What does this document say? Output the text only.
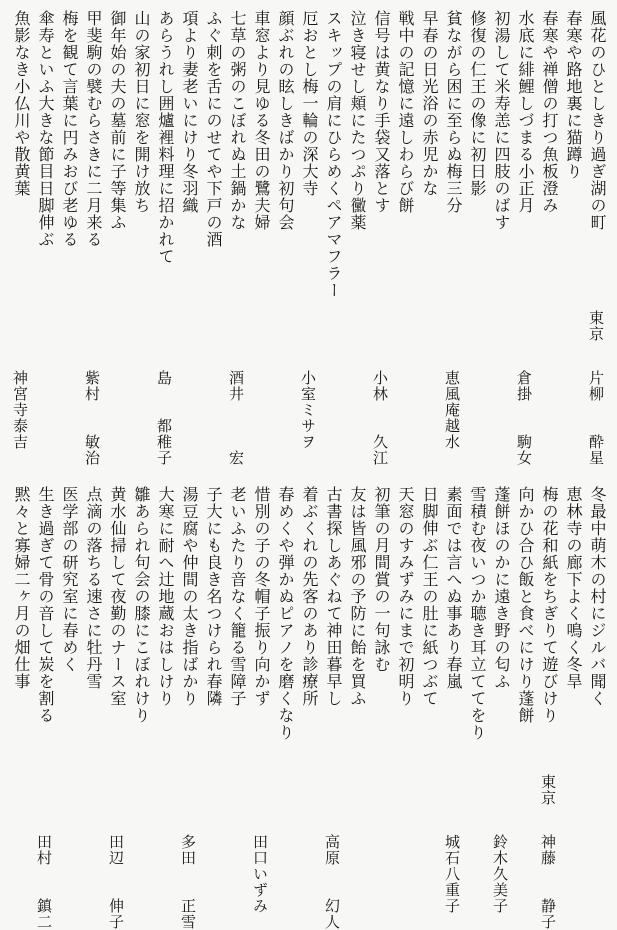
風花のひとしきり過ぎ湖の町
春寒や路地裏に猫蹲り
春寒や禅僧の打つ魚板澄み
水底に緋鯉しづまる小正月
初湯して米寿恙に四肢のばす
修復の仁王の像に初日影
貧ながら困に至らぬ梅三分
早春の日光浴の赤児かな
戦中の記憶に遠しわらび餅
信号は黄なり手袋又落とす
泣き寝せし頬にたつぷり黴薬
スキップの肩にひらめくペアマフラー
厄おとし梅一輪の深大寺
顔ぶれの眩しきばかり初句会
車窓より見ゆる冬田の鷺夫婦
七草の粥のこぼれぬ土鍋かな
ふぐ刺を舌にのせてや下戸の酒
項より妻老いにけり冬羽織
あらうれし囲爐裡料理に招かれて
山の家初日に窓を開け放ち
御年始の夫の墓前に子等集ふ
甲斐駒の襞むらさきに二月来る
梅を観て言葉に円みおび老ゆる
傘寿といふ大きな節目日脚伸ぶ
魚影なき小仏川や散黄葉
東京
片柳　　酔星
倉掛　　駒女
恵風庵越水
小林　　久江
小室ミサヲ
酒井　　　宏
島　　都稚子
紫村　　敏治
神宮寺泰吉
冬最中萌木の村にジルバ聞く
恵林寺の廊下よく鳴く冬旱
梅の花和紙をちぎりて遊びけり
向かひ合ひ飯と食べにけり蓬餅
蓬餅ほのかに遠き野の匂ふ
雪積む夜いつか聴き耳立ててをり
素面では言へぬ事あり春嵐
日脚伸ぶ仁王の肚に紙つぶて
天窓のすみずみにまで初明り
初筆の月間賞の一句詠む
友は皆風邪の予防に飴を買ふ
古書探しあぐねて神田暮早し
着ぶくれの先客のあり診療所
春めくや弾かぬピアノを磨くなり
惜別の子の冬帽子振り向かず
老いふたり音なく籠る雪障子
子大にも良き名つけられ春隣
湯豆腐や仲間の太き指ばかり
大寒に耐へ辻地蔵おはしけり
雛あられ句会の膝にこぼれけり
黄水仙掃して夜勤のナース室
点滴の落ちる速さに牡丹雪
医学部の研究室に春めく
生き過ぎて骨の音して炭を割る
黙々と寡婦二ヶ月の畑仕事
東京
神藤　　静子
鈴木久美子
城石八重子
高原　　幻人
田口いずみ
多田　　正雪
田辺　　伸子
田村　　鎮二
